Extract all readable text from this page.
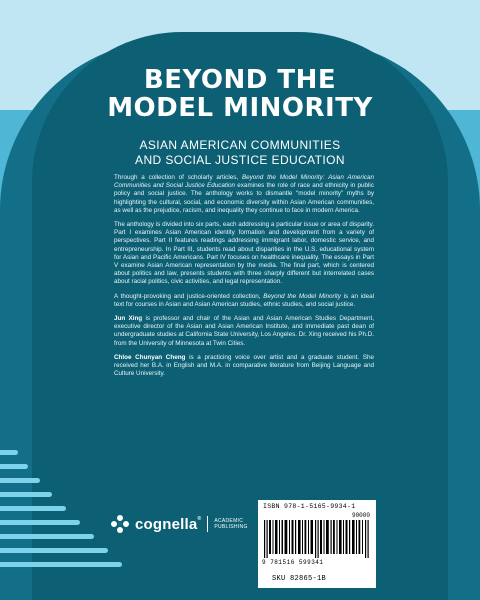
BEYOND THE
MODEL MINORITY
ASIAN AMERICAN COMMUNITIES
AND SOCIAL JUSTICE EDUCATION

Through a collection of scholarly articles, Beyond the Model Minority: Asian American Communities and Social Justice Education examines the role of race and ethnicity in public policy and social justice. The anthology works to dismantle “model minority” myths by highlighting the cultural, social, and economic diversity within Asian American communities, as well as the prejudice, racism, and inequality they continue to face in modern America.

The anthology is divided into six parts, each addressing a particular issue or area of disparity. Part I examines Asian American identity formation and development from a variety of perspectives. Part II features readings addressing immigrant labor, domestic service, and entrepreneurship. In Part III, students read about disparities in the U.S. educational system for Asian and Pacific Americans. Part IV focuses on healthcare inequality. The essays in Part V examine Asian American representation by the media. The final part, which is centered about politics and law, presents students with three sharply different but interrelated cases about racial politics, civic activities, and legal representation.

A thought-provoking and justice-oriented collection, Beyond the Model Minority is an ideal text for courses in Asian and Asian American studies, ethnic studies, and social justice.

Jun Xing is professor and chair of the Asian and Asian American Studies Department, executive director of the Asian and Asian American Institute, and immediate past dean of undergraduate studies at California State University, Los Angeles. Dr. Xing received his Ph.D. from the University of Minnesota at Twin Cities.

Chloe Chunyan Cheng is a practicing voice over artist and a graduate student. She received her B.A. in English and M.A. in comparative literature from Beijing Language and Culture University.

cognella®	ACADEMIC
PUBLISHING
ISBN 978-1-5165-9934-1
90000
9 781516 599341
SKU 82865-1B
